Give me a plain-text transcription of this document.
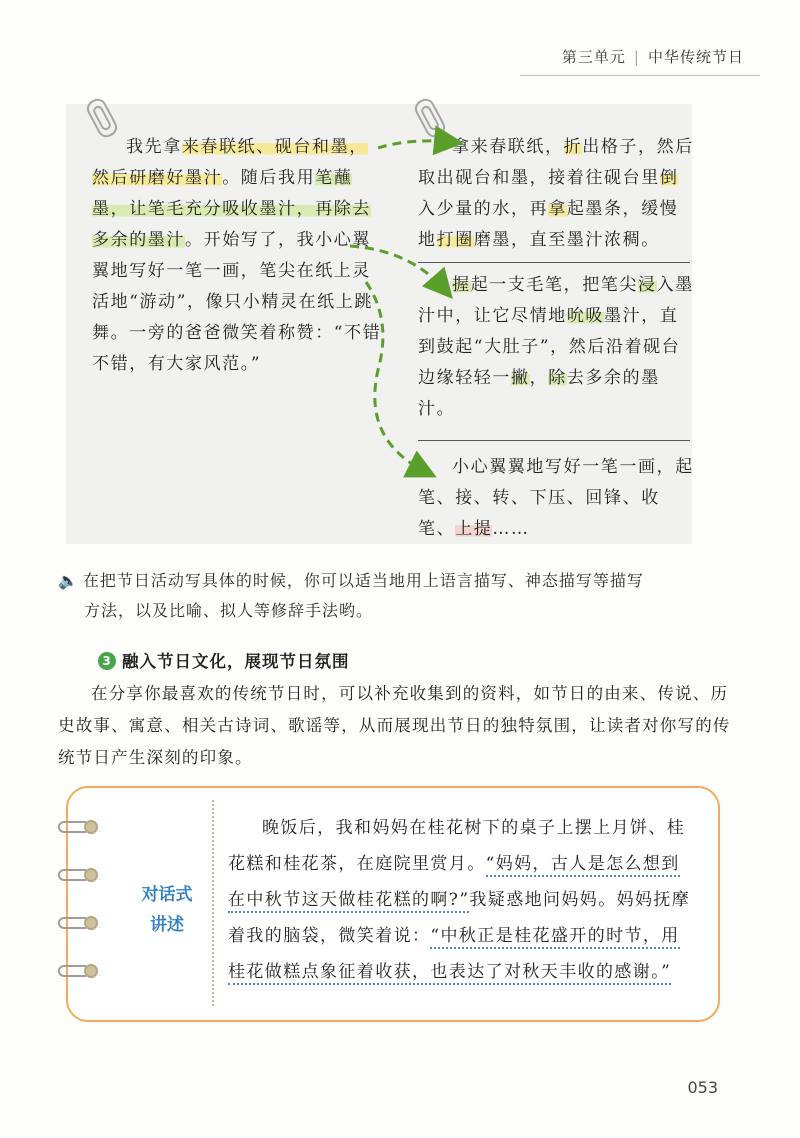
第三单元 | 中华传统节日

我先拿来春联纸、砚台和墨，然后研磨好墨汁。随后我用笔蘸墨，让笔毛充分吸收墨汁，再除去多余的墨汁。开始写了，我小心翼翼地写好一笔一画，笔尖在纸上灵活地“游动”，像只小精灵在纸上跳舞。一旁的爸爸微笑着称赞：“不错不错，有大家风范。”

拿来春联纸，折出格子，然后取出砚台和墨，接着往砚台里倒入少量的水，再拿起墨条，缓慢地打圈磨墨，直至墨汁浓稠。

握起一支毛笔，把笔尖浸入墨汁中，让它尽情地吮吸墨汁，直到鼓起“大肚子”，然后沿着砚台边缘轻轻一撇，除去多余的墨汁。

小心翼翼地写好一笔一画，起笔、接、转、下压、回锋、收笔、上提……

🔈 在把节日活动写具体的时候，你可以适当地用上语言描写、神态描写等描写
方法，以及比喻、拟人等修辞手法哟。
3 融入节日文化，展现节日氛围

在分享你最喜欢的传统节日时，可以补充收集到的资料，如节日的由来、传说、历史故事、寓意、相关古诗词、歌谣等，从而展现出节日的独特氛围，让读者对你写的传统节日产生深刻的印象。

对话式
讲述

晚饭后，我和妈妈在桂花树下的桌子上摆上月饼、桂花糕和桂花茶，在庭院里赏月。“妈妈，古人是怎么想到在中秋节这天做桂花糕的啊?”我疑惑地问妈妈。妈妈抚摩着我的脑袋，微笑着说：“中秋正是桂花盛开的时节，用桂花做糕点象征着收获，也表达了对秋天丰收的感谢。”

053
